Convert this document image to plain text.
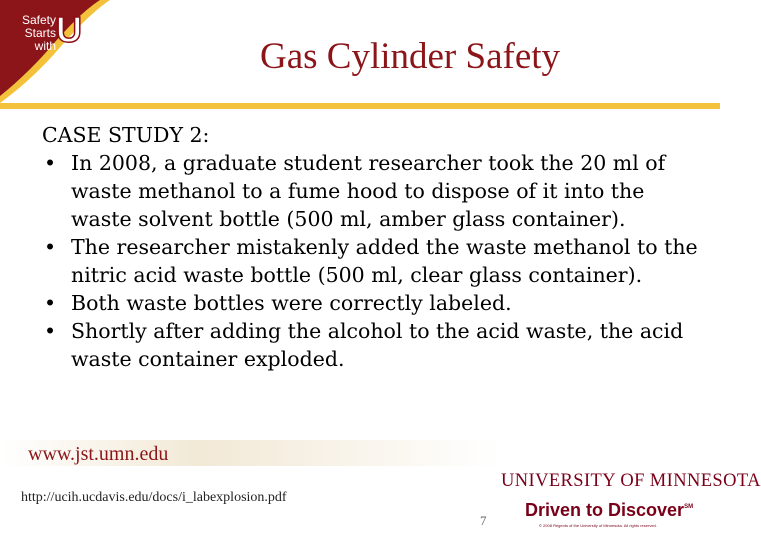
Safety
Starts
with U
Gas Cylinder Safety
CASE STUDY 2:
• In 2008, a graduate student researcher took the 20 ml of waste methanol to a fume hood to dispose of it into the waste solvent bottle (500 ml, amber glass container).
• The researcher mistakenly added the waste methanol to the nitric acid waste bottle (500 ml, clear glass container).
• Both waste bottles were correctly labeled.
• Shortly after adding the alcohol to the acid waste, the acid waste container exploded.
www.jst.umn.edu
http://ucih.ucdavis.edu/docs/i_labexplosion.pdf
7
UNIVERSITY OF MINNESOTA
Driven to Discover℠
© 2008 Regents of the University of Minnesota. All rights reserved.
